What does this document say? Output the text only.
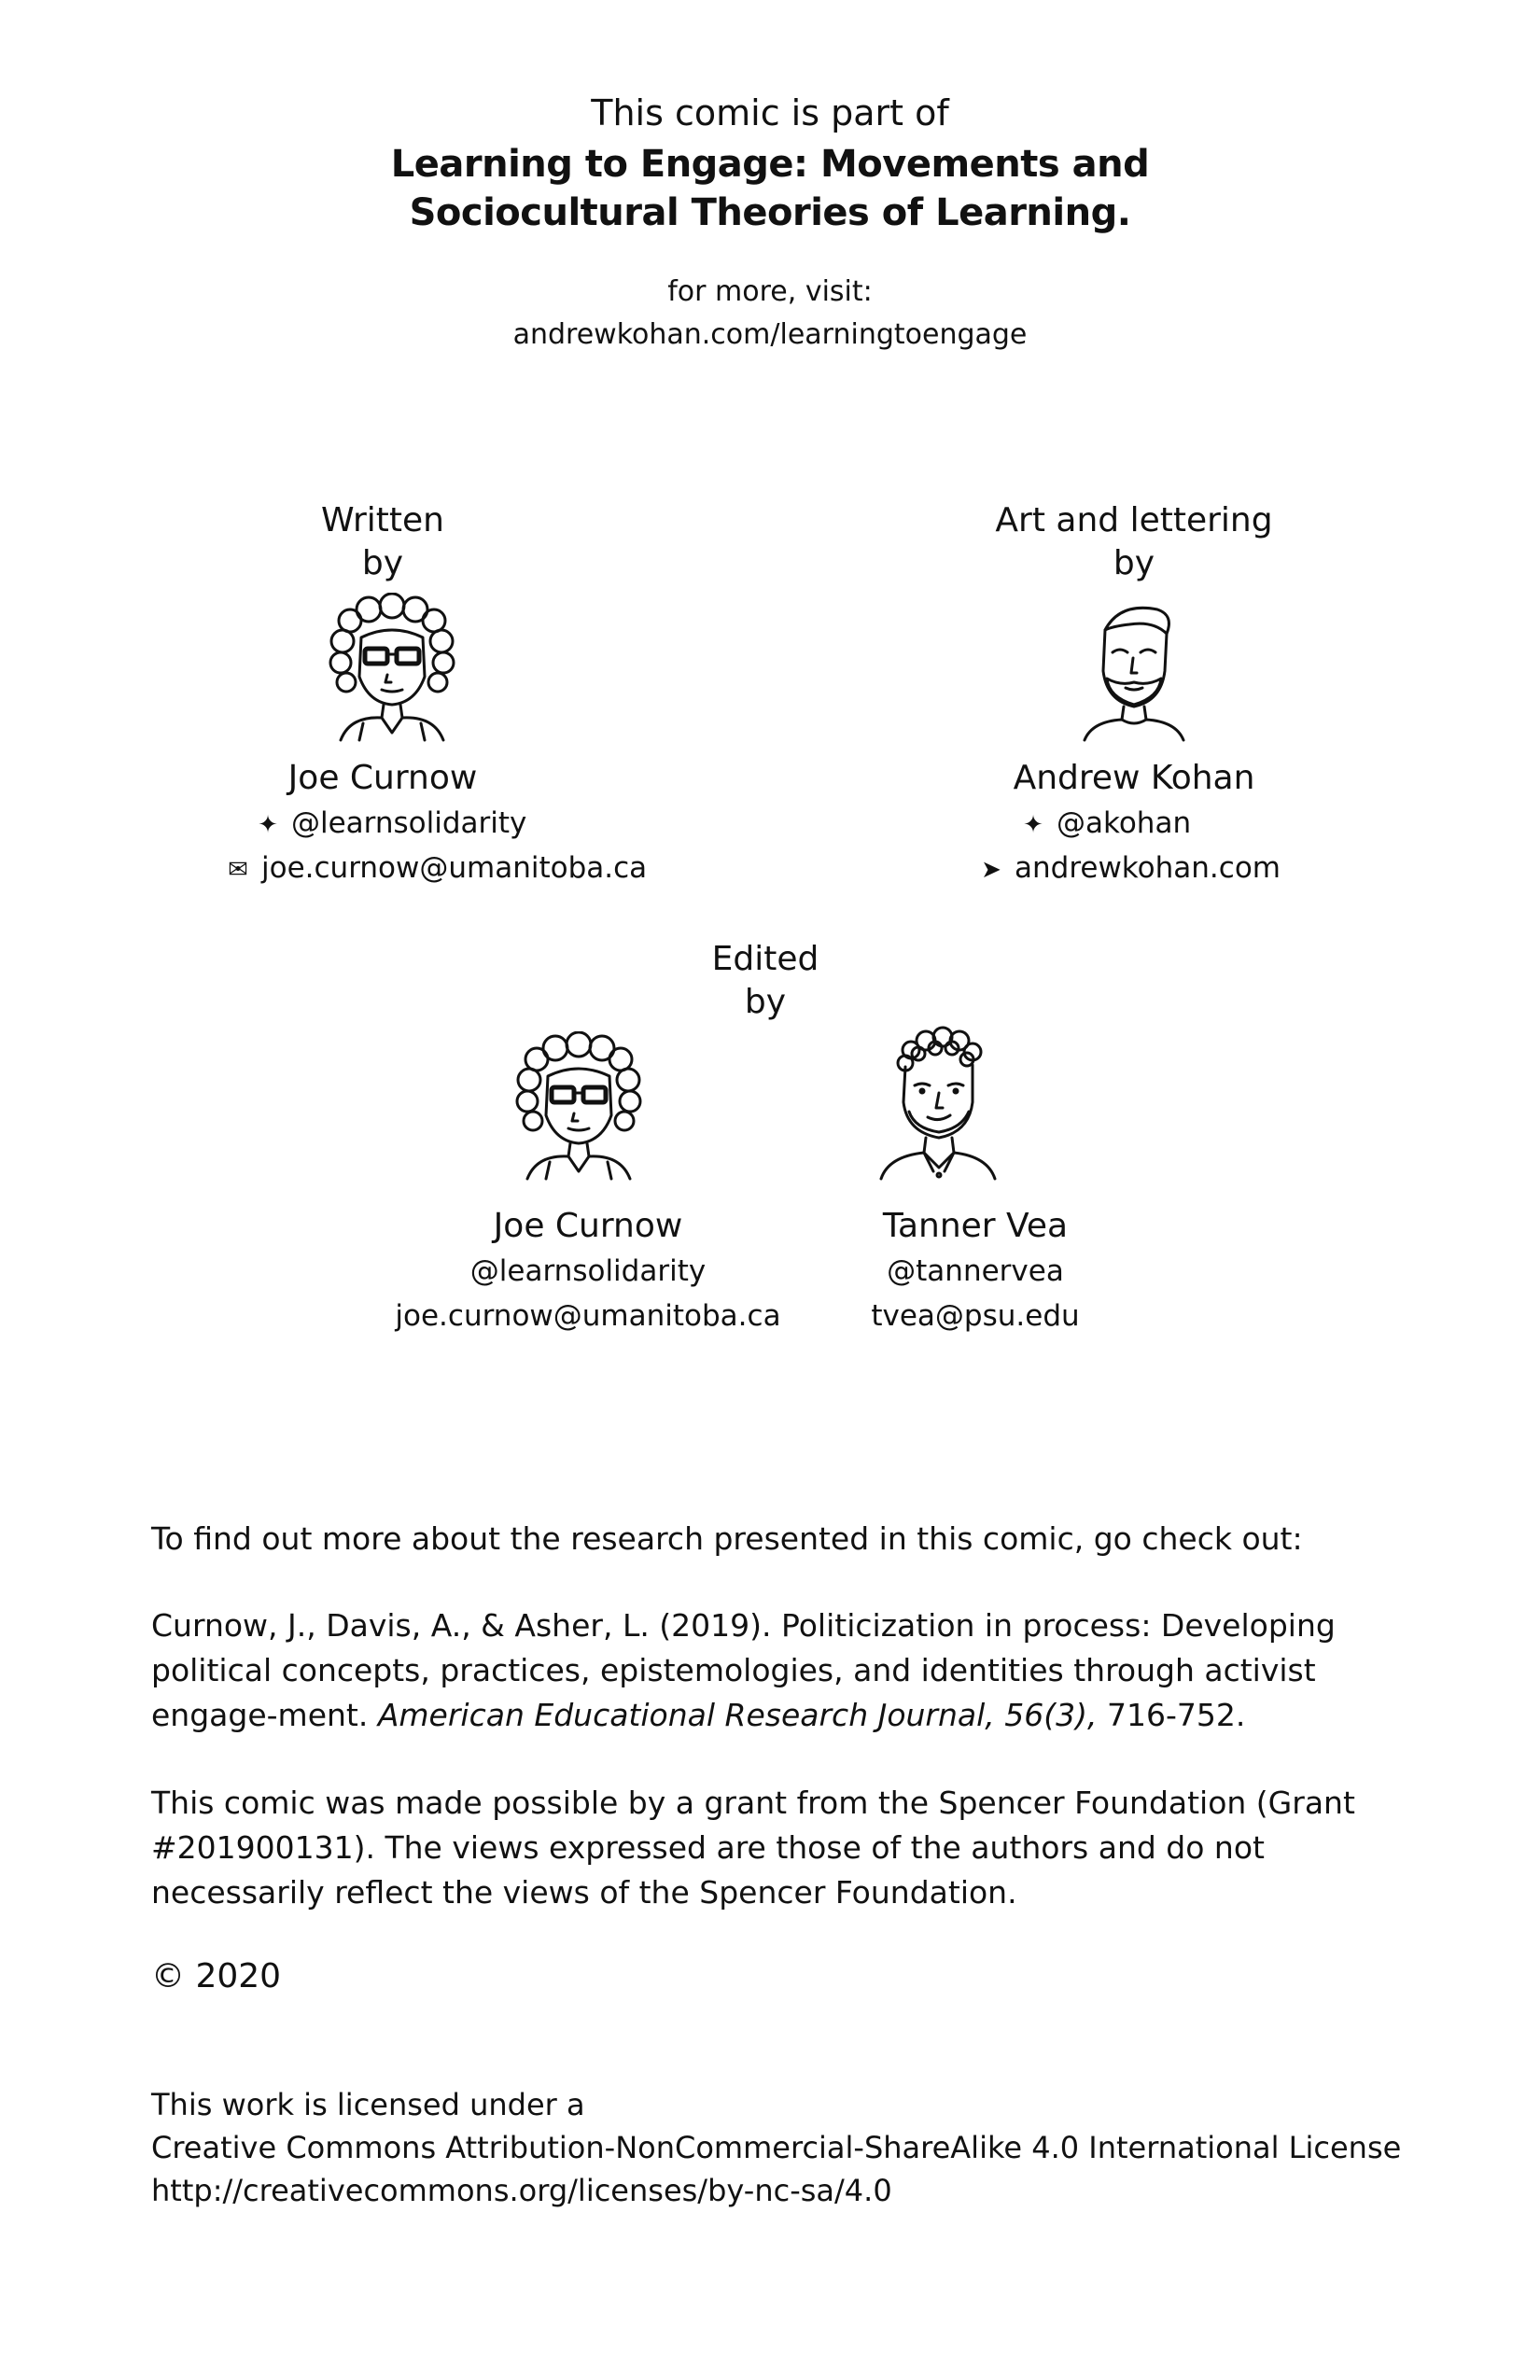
This comic is part of
Learning to Engage: Movements and
Sociocultural Theories of Learning.
for more, visit:
andrewkohan.com/learningtoengage
Written
by
Joe Curnow
✦ @learnsolidarity
✉ joe.curnow@umanitoba.ca
Art and lettering
by
Andrew Kohan
✦ @akohan
➤ andrewkohan.com
Edited
by
Joe Curnow
@learnsolidarity
joe.curnow@umanitoba.ca
Tanner Vea
@tannervea
tvea@psu.edu
To find out more about the research presented in this comic, go check out:

Curnow, J., Davis, A., & Asher, L. (2019). Politicization in process: Developing political concepts, practices, epistemologies, and identities through activist engage-ment. American Educational Research Journal, 56(3), 716-752.

This comic was made possible by a grant from the Spencer Foundation (Grant #201900131). The views expressed are those of the authors and do not necessarily reflect the views of the Spencer Foundation.
© 2020
This work is licensed under a
Creative Commons Attribution-NonCommercial-ShareAlike 4.0 International License
http://creativecommons.org/licenses/by-nc-sa/4.0
